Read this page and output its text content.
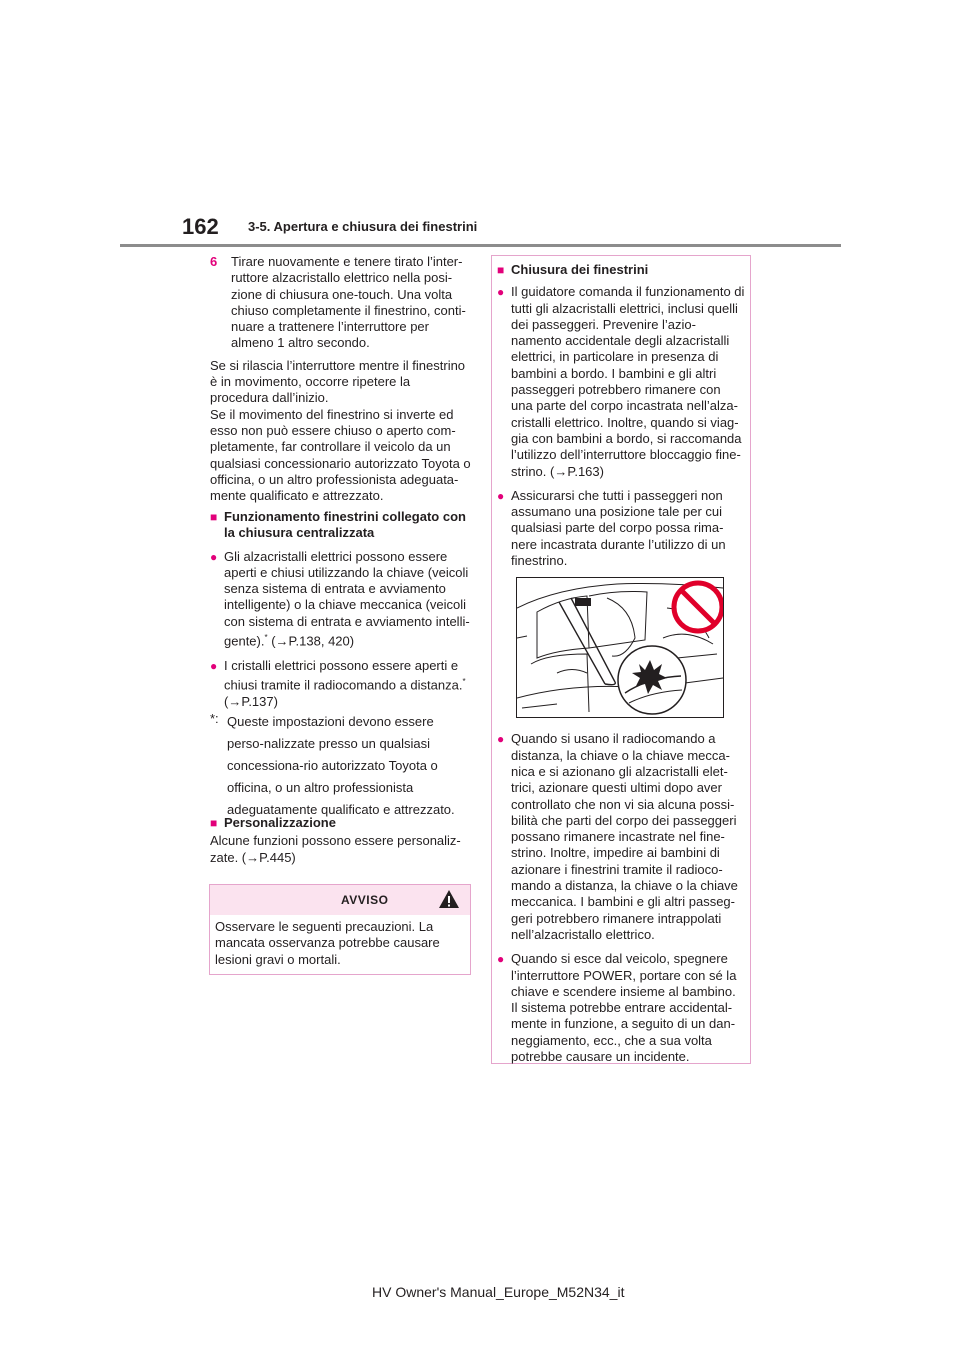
162 3-5. Apertura e chiusura dei finestrini
6	Tirare nuovamente e tenere tirato l’inter-ruttore alzacristallo elettrico nella posi-zione di chiusura one-touch. Una volta chiuso completamente il finestrino, conti-nuare a trattenere l’interruttore per almeno 1 altro secondo.

Se si rilascia l’interruttore mentre il finestrino è in movimento, occorre ripetere la procedura dall’inizio.

Se il movimento del finestrino si inverte ed esso non può essere chiuso o aperto com-pletamente, far controllare il veicolo da un qualsiasi concessionario autorizzato Toyota o officina, o un altro professionista adeguata-mente qualificato e attrezzato.

■ Funzionamento finestrini collegato con la chiusura centralizzata
● Gli alzacristalli elettrici possono essere aperti e chiusi utilizzando la chiave (veicoli senza sistema di entrata e avviamento intelligente) o la chiave meccanica (veicoli con sistema di entrata e avviamento intelli-gente).* (→P.138, 420)
● I cristalli elettrici possono essere aperti e chiusi tramite il radiocomando a distanza.*
(→P.137)
*: Queste impostazioni devono essere perso-nalizzate presso un qualsiasi concessiona-rio autorizzato Toyota o officina, o un altro professionista adeguatamente qualificato e attrezzato.
■ Personalizzazione

Alcune funzioni possono essere personaliz-zate. (→P.445)

AVVISO
Osservare le seguenti precauzioni. La mancata osservanza potrebbe causare lesioni gravi o mortali.
■ Chiusura dei finestrini
● Il guidatore comanda il funzionamento di tutti gli alzacristalli elettrici, inclusi quelli dei passeggeri. Prevenire l’azio-namento accidentale degli alzacristalli elettrici, in particolare in presenza di bambini a bordo. I bambini e gli altri passeggeri potrebbero rimanere con una parte del corpo incastrata nell’alza-cristalli elettrico. Inoltre, quando si viag-gia con bambini a bordo, si raccomanda l’utilizzo dell’interruttore bloccaggio fine-strino. (→P.163)
● Assicurarsi che tutti i passeggeri non assumano una posizione tale per cui qualsiasi parte del corpo possa rima-nere incastrata durante l’utilizzo di un finestrino.
● Quando si usano il radiocomando a distanza, la chiave o la chiave mecca-nica e si azionano gli alzacristalli elet-trici, azionare questi ultimi dopo aver controllato che non vi sia alcuna possi-bilità che parti del corpo dei passeggeri possano rimanere incastrate nel fine-strino. Inoltre, impedire ai bambini di azionare i finestrini tramite il radioco-mando a distanza, la chiave o la chiave meccanica. I bambini e gli altri passeg-geri potrebbero rimanere intrappolati nell’alzacristallo elettrico.
● Quando si esce dal veicolo, spegnere l’interruttore POWER, portare con sé la chiave e scendere insieme al bambino. Il sistema potrebbe entrare accidental-mente in funzione, a seguito di un dan-neggiamento, ecc., che a sua volta potrebbe causare un incidente.
HV Owner's Manual_Europe_M52N34_it
